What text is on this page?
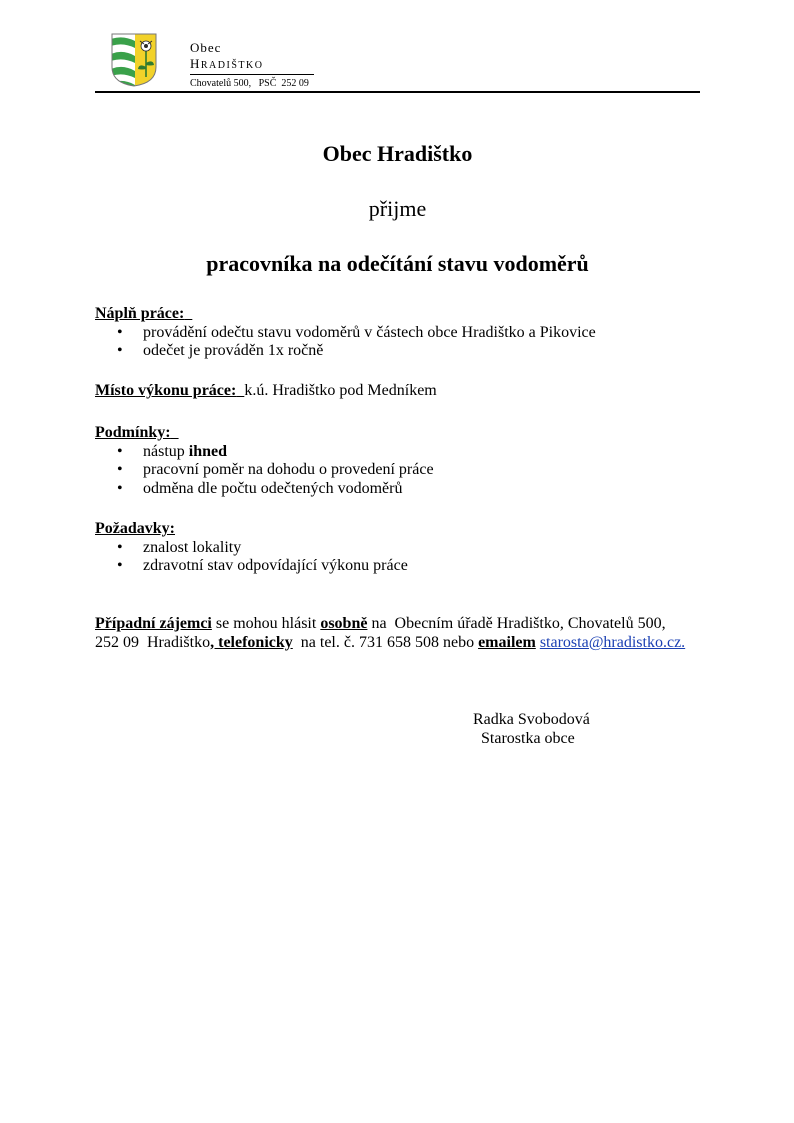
Obec
HRADIŠTKO
Chovatelů 500,   PSČ  252 09
Obec Hradištko
přijme
pracovníka na odečítání stavu vodoměrů
Náplň práce:
• provádění odečtu stavu vodoměrů v částech obce Hradištko a Pikovice
• odečet je prováděn 1x ročně
Místo výkonu práce: k.ú. Hradištko pod Medníkem
Podmínky:
• nástup ihned
• pracovní poměr na dohodu o provedení práce
• odměna dle počtu odečtených vodoměrů
Požadavky:
• znalost lokality
• zdravotní stav odpovídající výkonu práce
Případní zájemci se mohou hlásit osobně na  Obecním úřadě Hradištko, Chovatelů 500,
252 09  Hradištko, telefonicky  na tel. č. 731 658 508 nebo emailem starosta@hradistko.cz.
Radka Svobodová
Starostka obce
